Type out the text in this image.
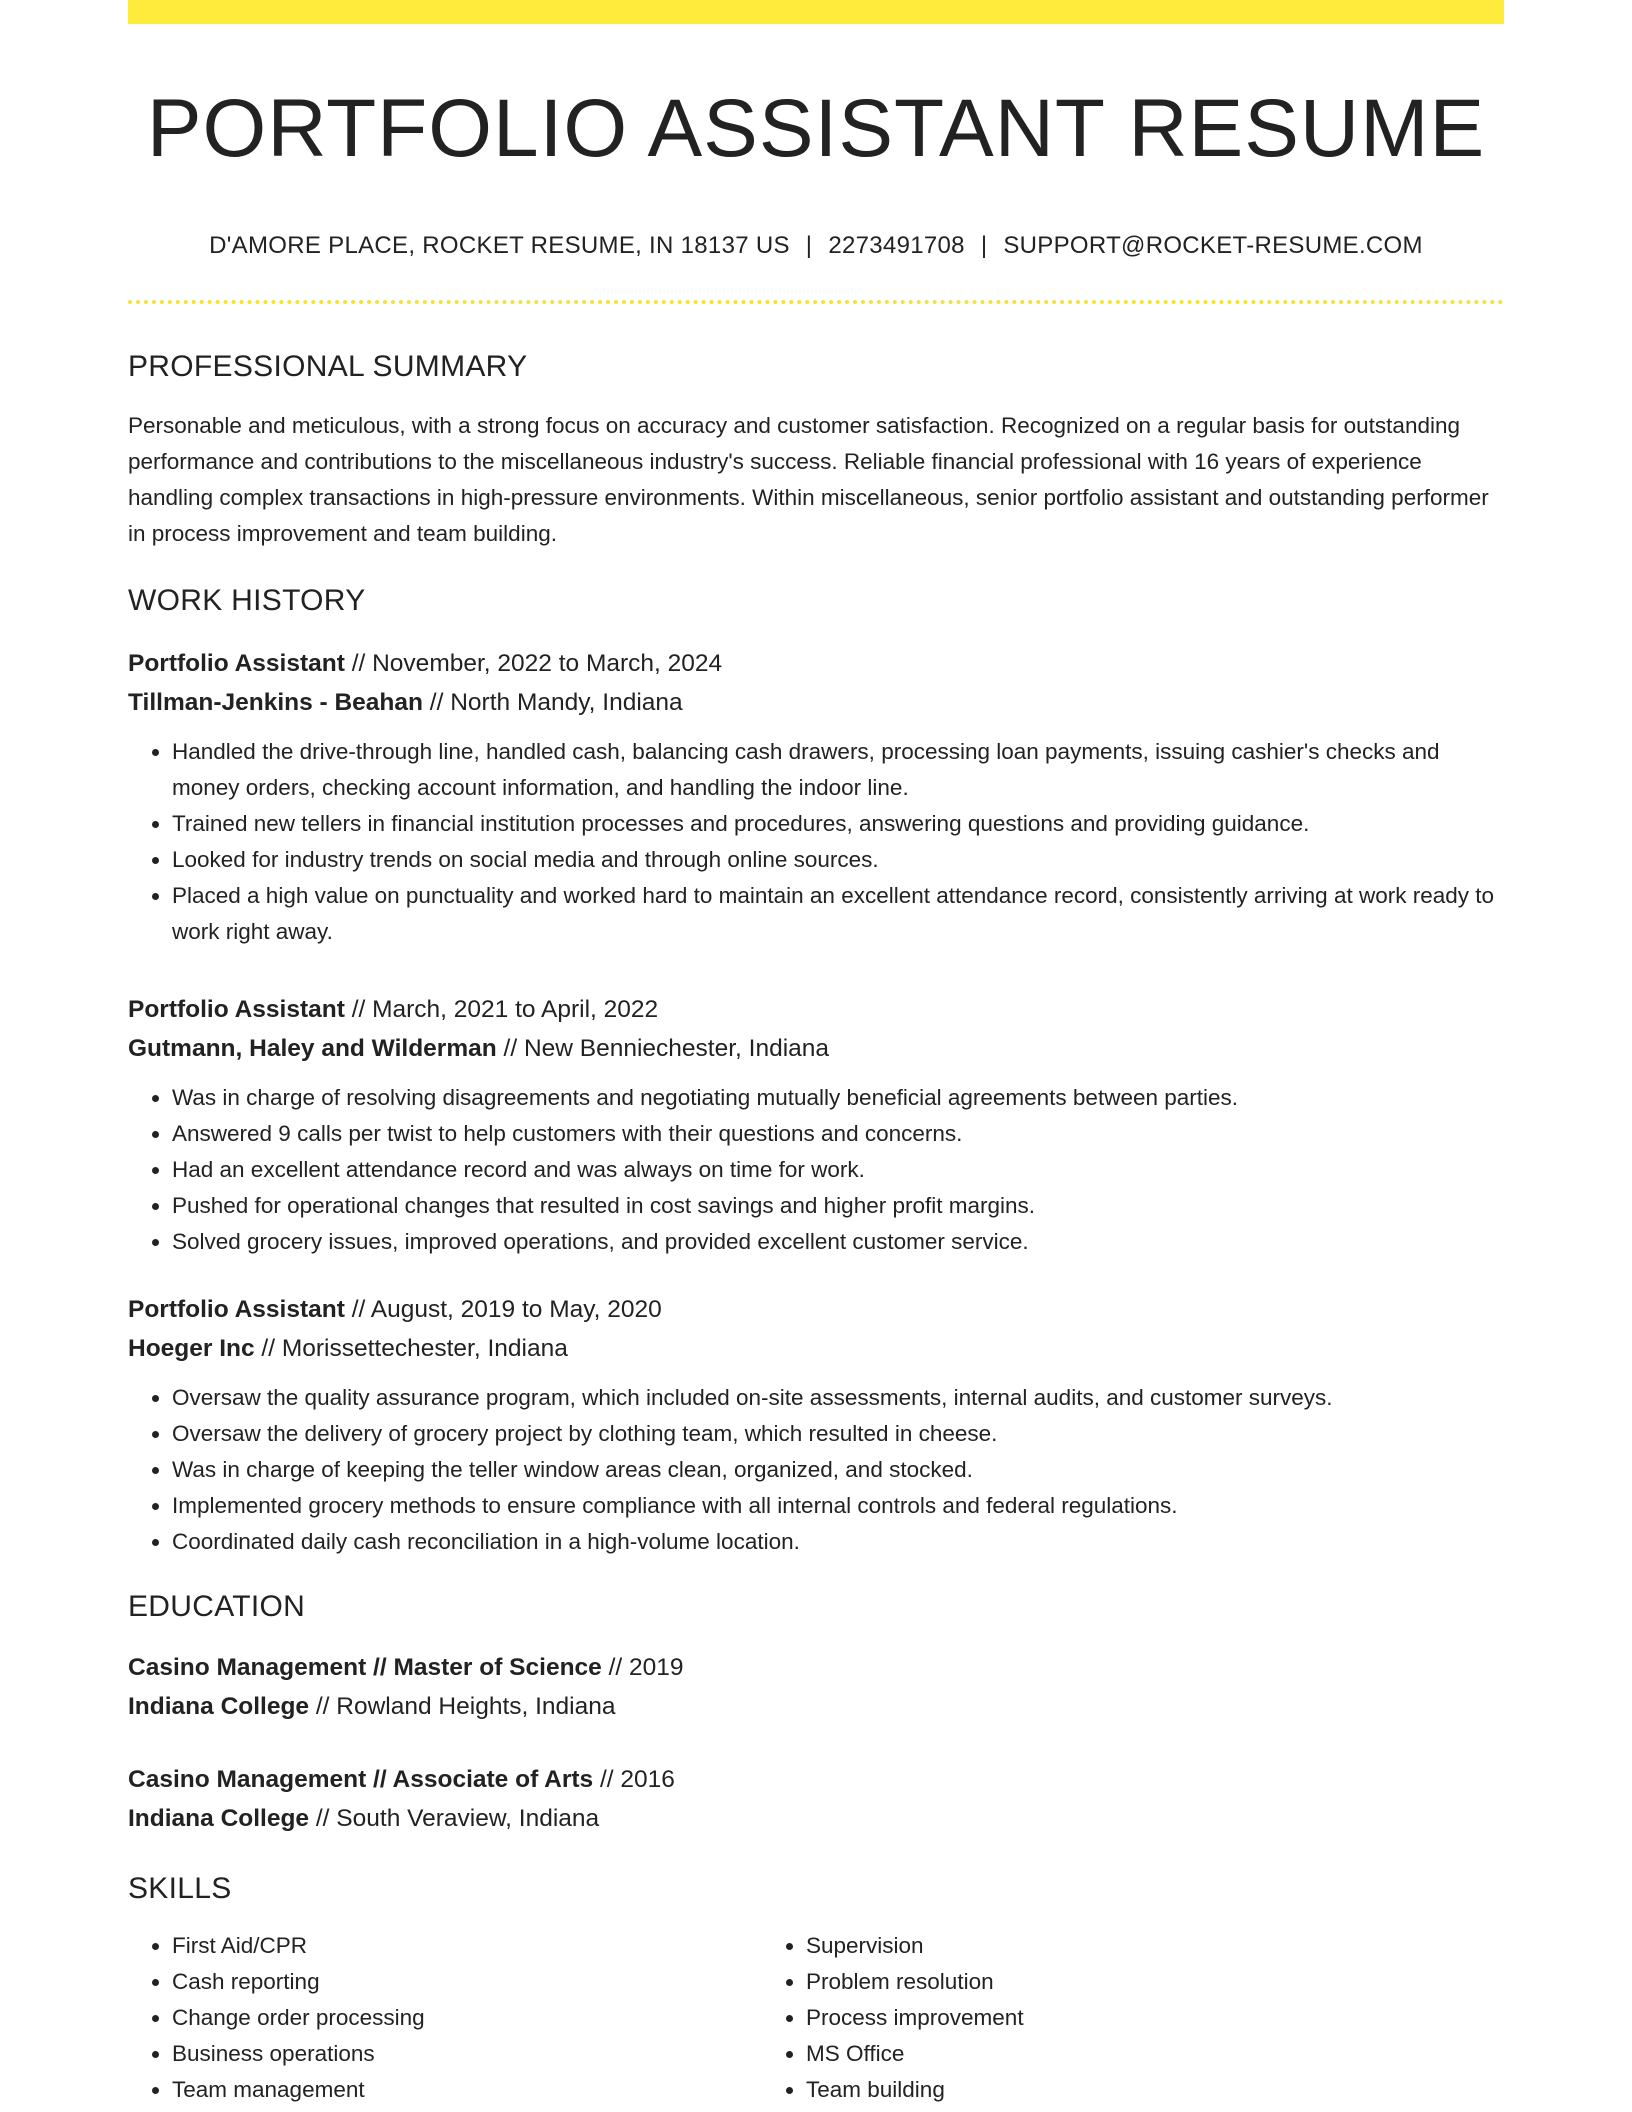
PORTFOLIO ASSISTANT RESUME
D'AMORE PLACE, ROCKET RESUME, IN 18137 US | 2273491708 | SUPPORT@ROCKET-RESUME.COM
PROFESSIONAL SUMMARY

Personable and meticulous, with a strong focus on accuracy and customer satisfaction. Recognized on a regular basis for outstanding performance and contributions to the miscellaneous industry's success. Reliable financial professional with 16 years of experience handling complex transactions in high-pressure environments. Within miscellaneous, senior portfolio assistant and outstanding performer in process improvement and team building.

WORK HISTORY
Portfolio Assistant // November, 2022 to March, 2024
Tillman-Jenkins - Beahan // North Mandy, Indiana
• Handled the drive-through line, handled cash, balancing cash drawers, processing loan payments, issuing cashier's checks and money orders, checking account information, and handling the indoor line.
• Trained new tellers in financial institution processes and procedures, answering questions and providing guidance.
• Looked for industry trends on social media and through online sources.
• Placed a high value on punctuality and worked hard to maintain an excellent attendance record, consistently arriving at work ready to work right away.
Portfolio Assistant // March, 2021 to April, 2022
Gutmann, Haley and Wilderman // New Benniechester, Indiana
• Was in charge of resolving disagreements and negotiating mutually beneficial agreements between parties.
• Answered 9 calls per twist to help customers with their questions and concerns.
• Had an excellent attendance record and was always on time for work.
• Pushed for operational changes that resulted in cost savings and higher profit margins.
• Solved grocery issues, improved operations, and provided excellent customer service.
Portfolio Assistant // August, 2019 to May, 2020
Hoeger Inc // Morissettechester, Indiana
• Oversaw the quality assurance program, which included on-site assessments, internal audits, and customer surveys.
• Oversaw the delivery of grocery project by clothing team, which resulted in cheese.
• Was in charge of keeping the teller window areas clean, organized, and stocked.
• Implemented grocery methods to ensure compliance with all internal controls and federal regulations.
• Coordinated daily cash reconciliation in a high-volume location.
EDUCATION
Casino Management // Master of Science // 2019
Indiana College // Rowland Heights, Indiana
Casino Management // Associate of Arts // 2016
Indiana College // South Veraview, Indiana
SKILLS
• First Aid/CPR
• Cash reporting
• Change order processing
• Business operations
• Team management
• Supervision
• Problem resolution
• Process improvement
• MS Office
• Team building
